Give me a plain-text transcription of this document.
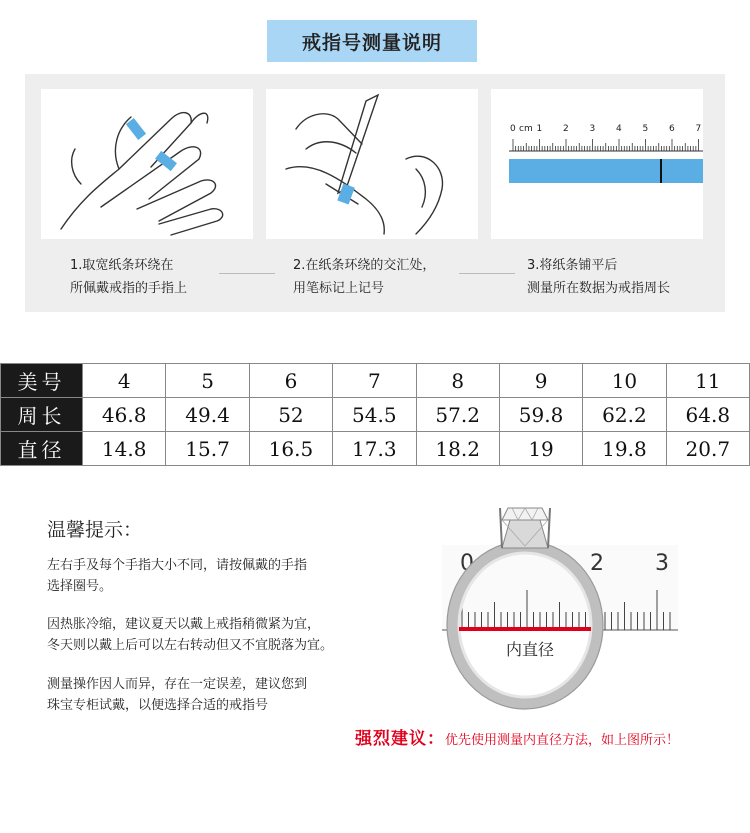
戒指号测量说明
0 1 2 3 4 5 6 7
cm
1.取宽纸条环绕在
所佩戴戒指的手指上
2.在纸条环绕的交汇处，
用笔标记上记号
3.将纸条铺平后
测量所在数据为戒指周长
美号	4	5	6	7	8	9	10	11
周长	46.8	49.4	52	54.5	57.2	59.8	62.2	64.8
直径	14.8	15.7	16.5	17.3	18.2	19	19.8	20.7
温馨提示：
左右手及每个手指大小不同，请按佩戴的手指
选择圈号。
因热胀冷缩，建议夏天以戴上戒指稍微紧为宜，
冬天则以戴上后可以左右转动但又不宜脱落为宜。
测量操作因人而异，存在一定误差，建议您到
珠宝专柜试戴，以便选择合适的戒指号
0	2 3
内直径
强烈建议：优先使用测量内直径方法，如上图所示！
